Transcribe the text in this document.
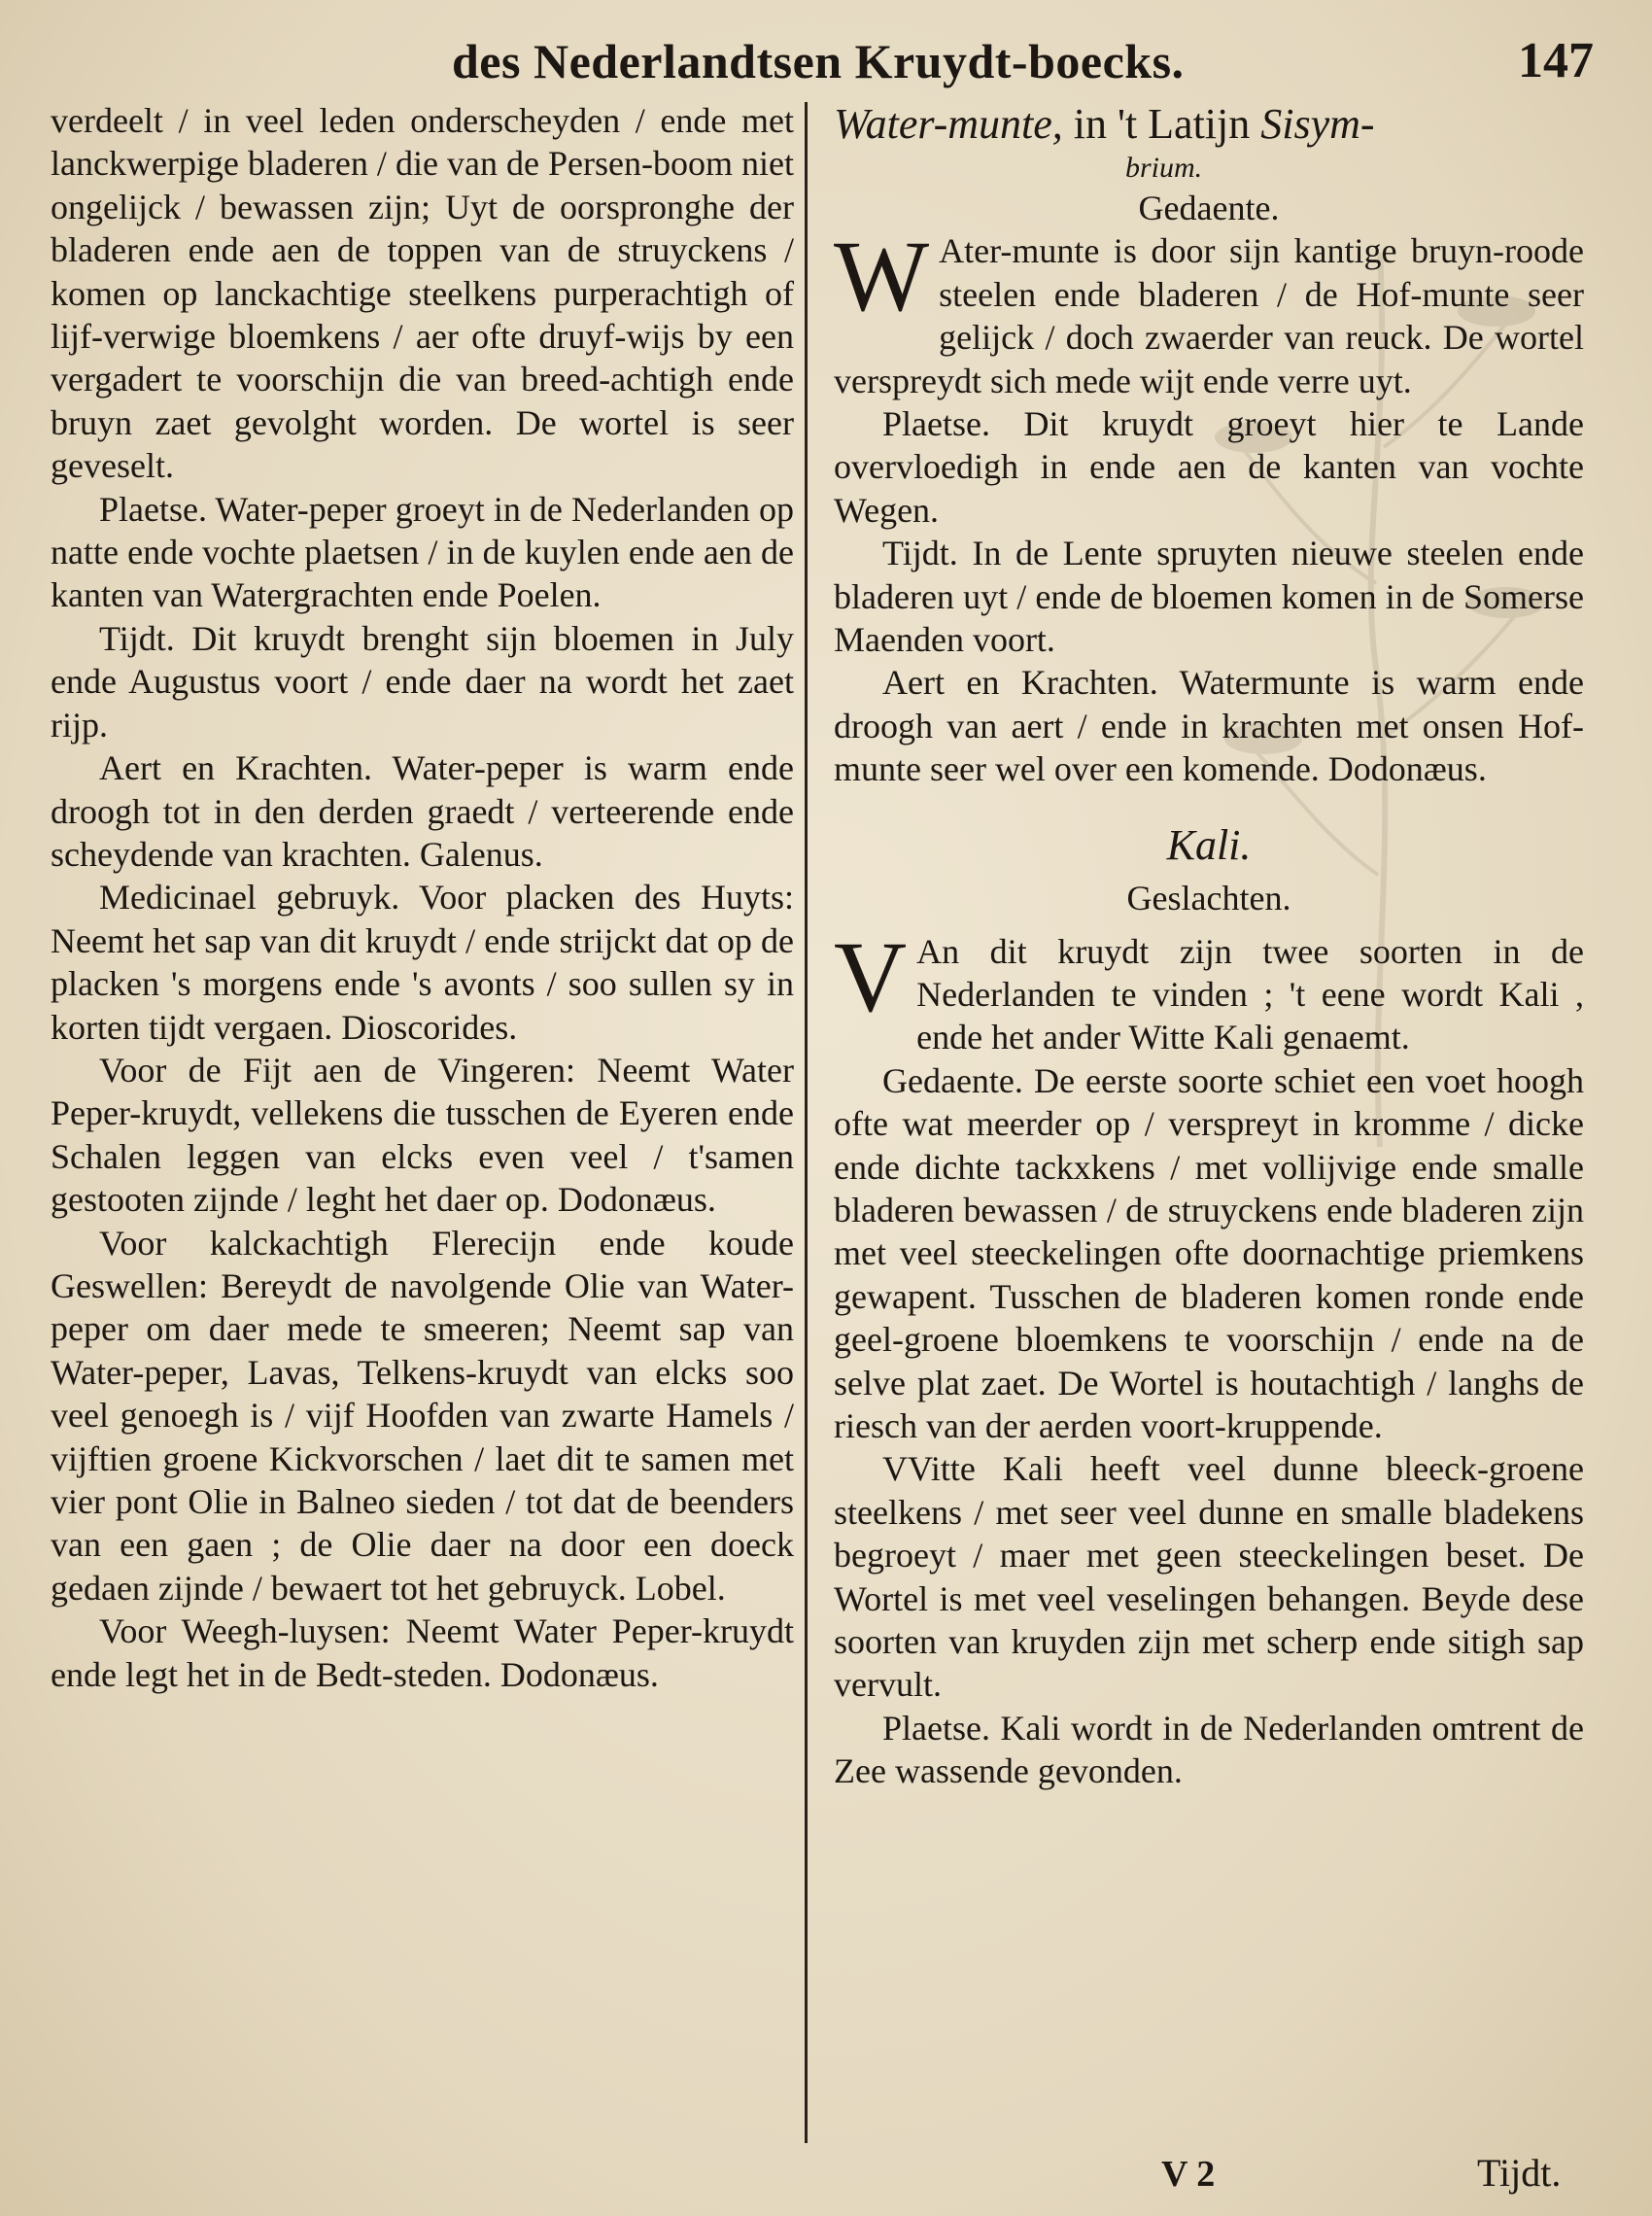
des Nederlandtsen Kruydt-boecks.	147

verdeelt / in veel leden onderscheyden / ende met lanckwerpige bladeren / die van de Persen-boom niet ongelijck / bewassen zijn; Uyt de oorspronghe der bladeren ende aen de toppen van de struyckens / komen op lanckachtige steelkens purperachtigh of lijf-verwige bloemkens / aer ofte druyf-wijs by een vergadert te voorschijn die van breed-achtigh ende bruyn zaet gevolght worden. De wortel is seer geveselt.

Plaetse. Water-peper groeyt in de Nederlanden op natte ende vochte plaetsen / in de kuylen ende aen de kanten van Watergrachten ende Poelen.

Tijdt. Dit kruydt brenght sijn bloemen in July ende Augustus voort / ende daer na wordt het zaet rijp.

Aert en Krachten. Water-peper is warm ende droogh tot in den derden graedt / verteerende ende scheydende van krachten. Galenus.

Medicinael gebruyk. Voor placken des Huyts: Neemt het sap van dit kruydt / ende strijckt dat op de placken 's morgens ende 's avonts / soo sullen sy in korten tijdt vergaen. Dioscorides.

Voor de Fijt aen de Vingeren: Neemt Water Peper-kruydt, vellekens die tusschen de Eyeren ende Schalen leggen van elcks even veel / t'samen gestooten zijnde / leght het daer op. Dodonæus.

Voor kalckachtigh Flerecijn ende koude Geswellen: Bereydt de navolgende Olie van Water-peper om daer mede te smeeren; Neemt sap van Water-peper, Lavas, Telkens-kruydt van elcks soo veel genoegh is / vijf Hoofden van zwarte Hamels / vijftien groene Kickvorschen / laet dit te samen met vier pont Olie in Balneo sieden / tot dat de beenders van een gaen ; de Olie daer na door een doeck gedaen zijnde / bewaert tot het gebruyck. Lobel.

Voor Weegh-luysen: Neemt Water Peper-kruydt ende legt het in de Bedt-steden. Dodonæus.

Water-munte, in 't Latijn Sisym-

brium.

Gedaente.

W Ater-munte is door sijn kantige bruyn-roode steelen ende bladeren / de Hof-munte seer gelijck / doch zwaerder van reuck. De wortel verspreydt sich mede wijt ende verre uyt.

Plaetse. Dit kruydt groeyt hier te Lande overvloedigh in ende aen de kanten van vochte Wegen.

Tijdt. In de Lente spruyten nieuwe steelen ende bladeren uyt / ende de bloemen komen in de Somerse Maenden voort.

Aert en Krachten. Watermunte is warm ende droogh van aert / ende in krachten met onsen Hof-munte seer wel over een komende. Dodonæus.

Kali.

Geslachten.

V An dit kruydt zijn twee soorten in de Nederlanden te vinden ; 't eene wordt Kali , ende het ander Witte Kali genaemt.

Gedaente. De eerste soorte schiet een voet hoogh ofte wat meerder op / verspreyt in kromme / dicke ende dichte tackxkens / met vollijvige ende smalle bladeren bewassen / de struyckens ende bladeren zijn met veel steeckelingen ofte doornachtige priemkens gewapent. Tusschen de bladeren komen ronde ende geel-groene bloemkens te voorschijn / ende na de selve plat zaet. De Wortel is houtachtigh / langhs de riesch van der aerden voort-kruppende.

VVitte Kali heeft veel dunne bleeck-groene steelkens / met seer veel dunne en smalle bladekens begroeyt / maer met geen steeckelingen beset. De Wortel is met veel veselingen behangen. Beyde dese soorten van kruyden zijn met scherp ende sitigh sap vervult.

Plaetse. Kali wordt in de Nederlanden omtrent de Zee wassende gevonden.

V 2	Tijdt.
